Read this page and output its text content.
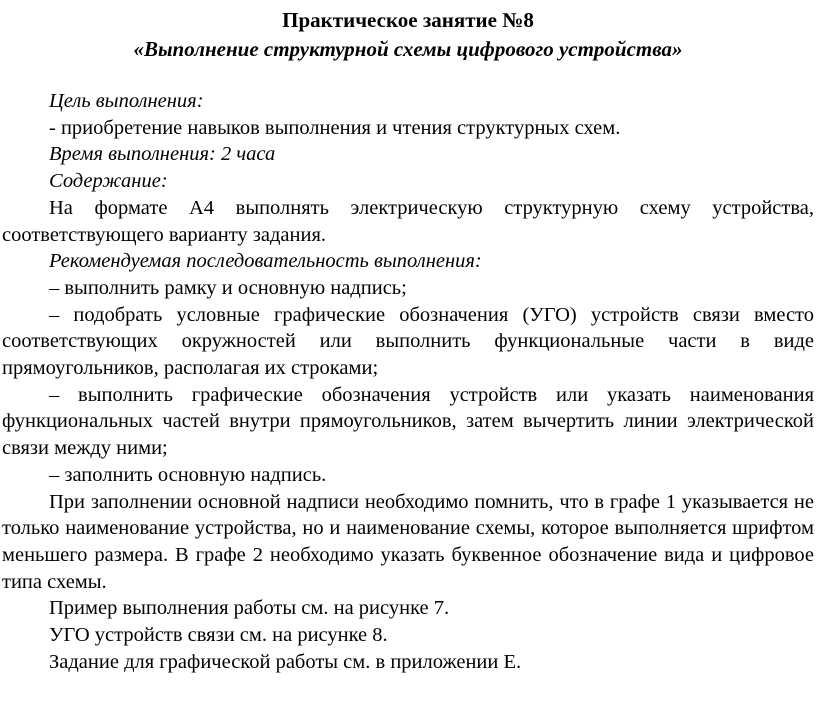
Практическое занятие №8

«Выполнение структурной схемы цифрового устройства»

Цель выполнения:

- приобретение навыков выполнения и чтения структурных схем.

Время выполнения: 2 часа

Содержание:

На формате А4 выполнять электрическую структурную схему устройства, соответствующего варианту задания.

Рекомендуемая последовательность выполнения:

– выполнить рамку и основную надпись;

– подобрать условные графические обозначения (УГО) устройств связи вместо соответствующих окружностей или выполнить функциональные части в виде прямоугольников, располагая их строками;

– выполнить графические обозначения устройств или указать наименования функциональных частей внутри прямоугольников, затем вычертить линии электрической связи между ними;

– заполнить основную надпись.

При заполнении основной надписи необходимо помнить, что в графе 1 указывается не только наименование устройства, но и наименование схемы, которое выполняется шрифтом меньшего размера. В графе 2 необходимо указать буквенное обозначение вида и цифровое типа схемы.

Пример выполнения работы см. на рисунке 7.

УГО устройств связи см. на рисунке 8.

Задание для графической работы см. в приложении Е.
